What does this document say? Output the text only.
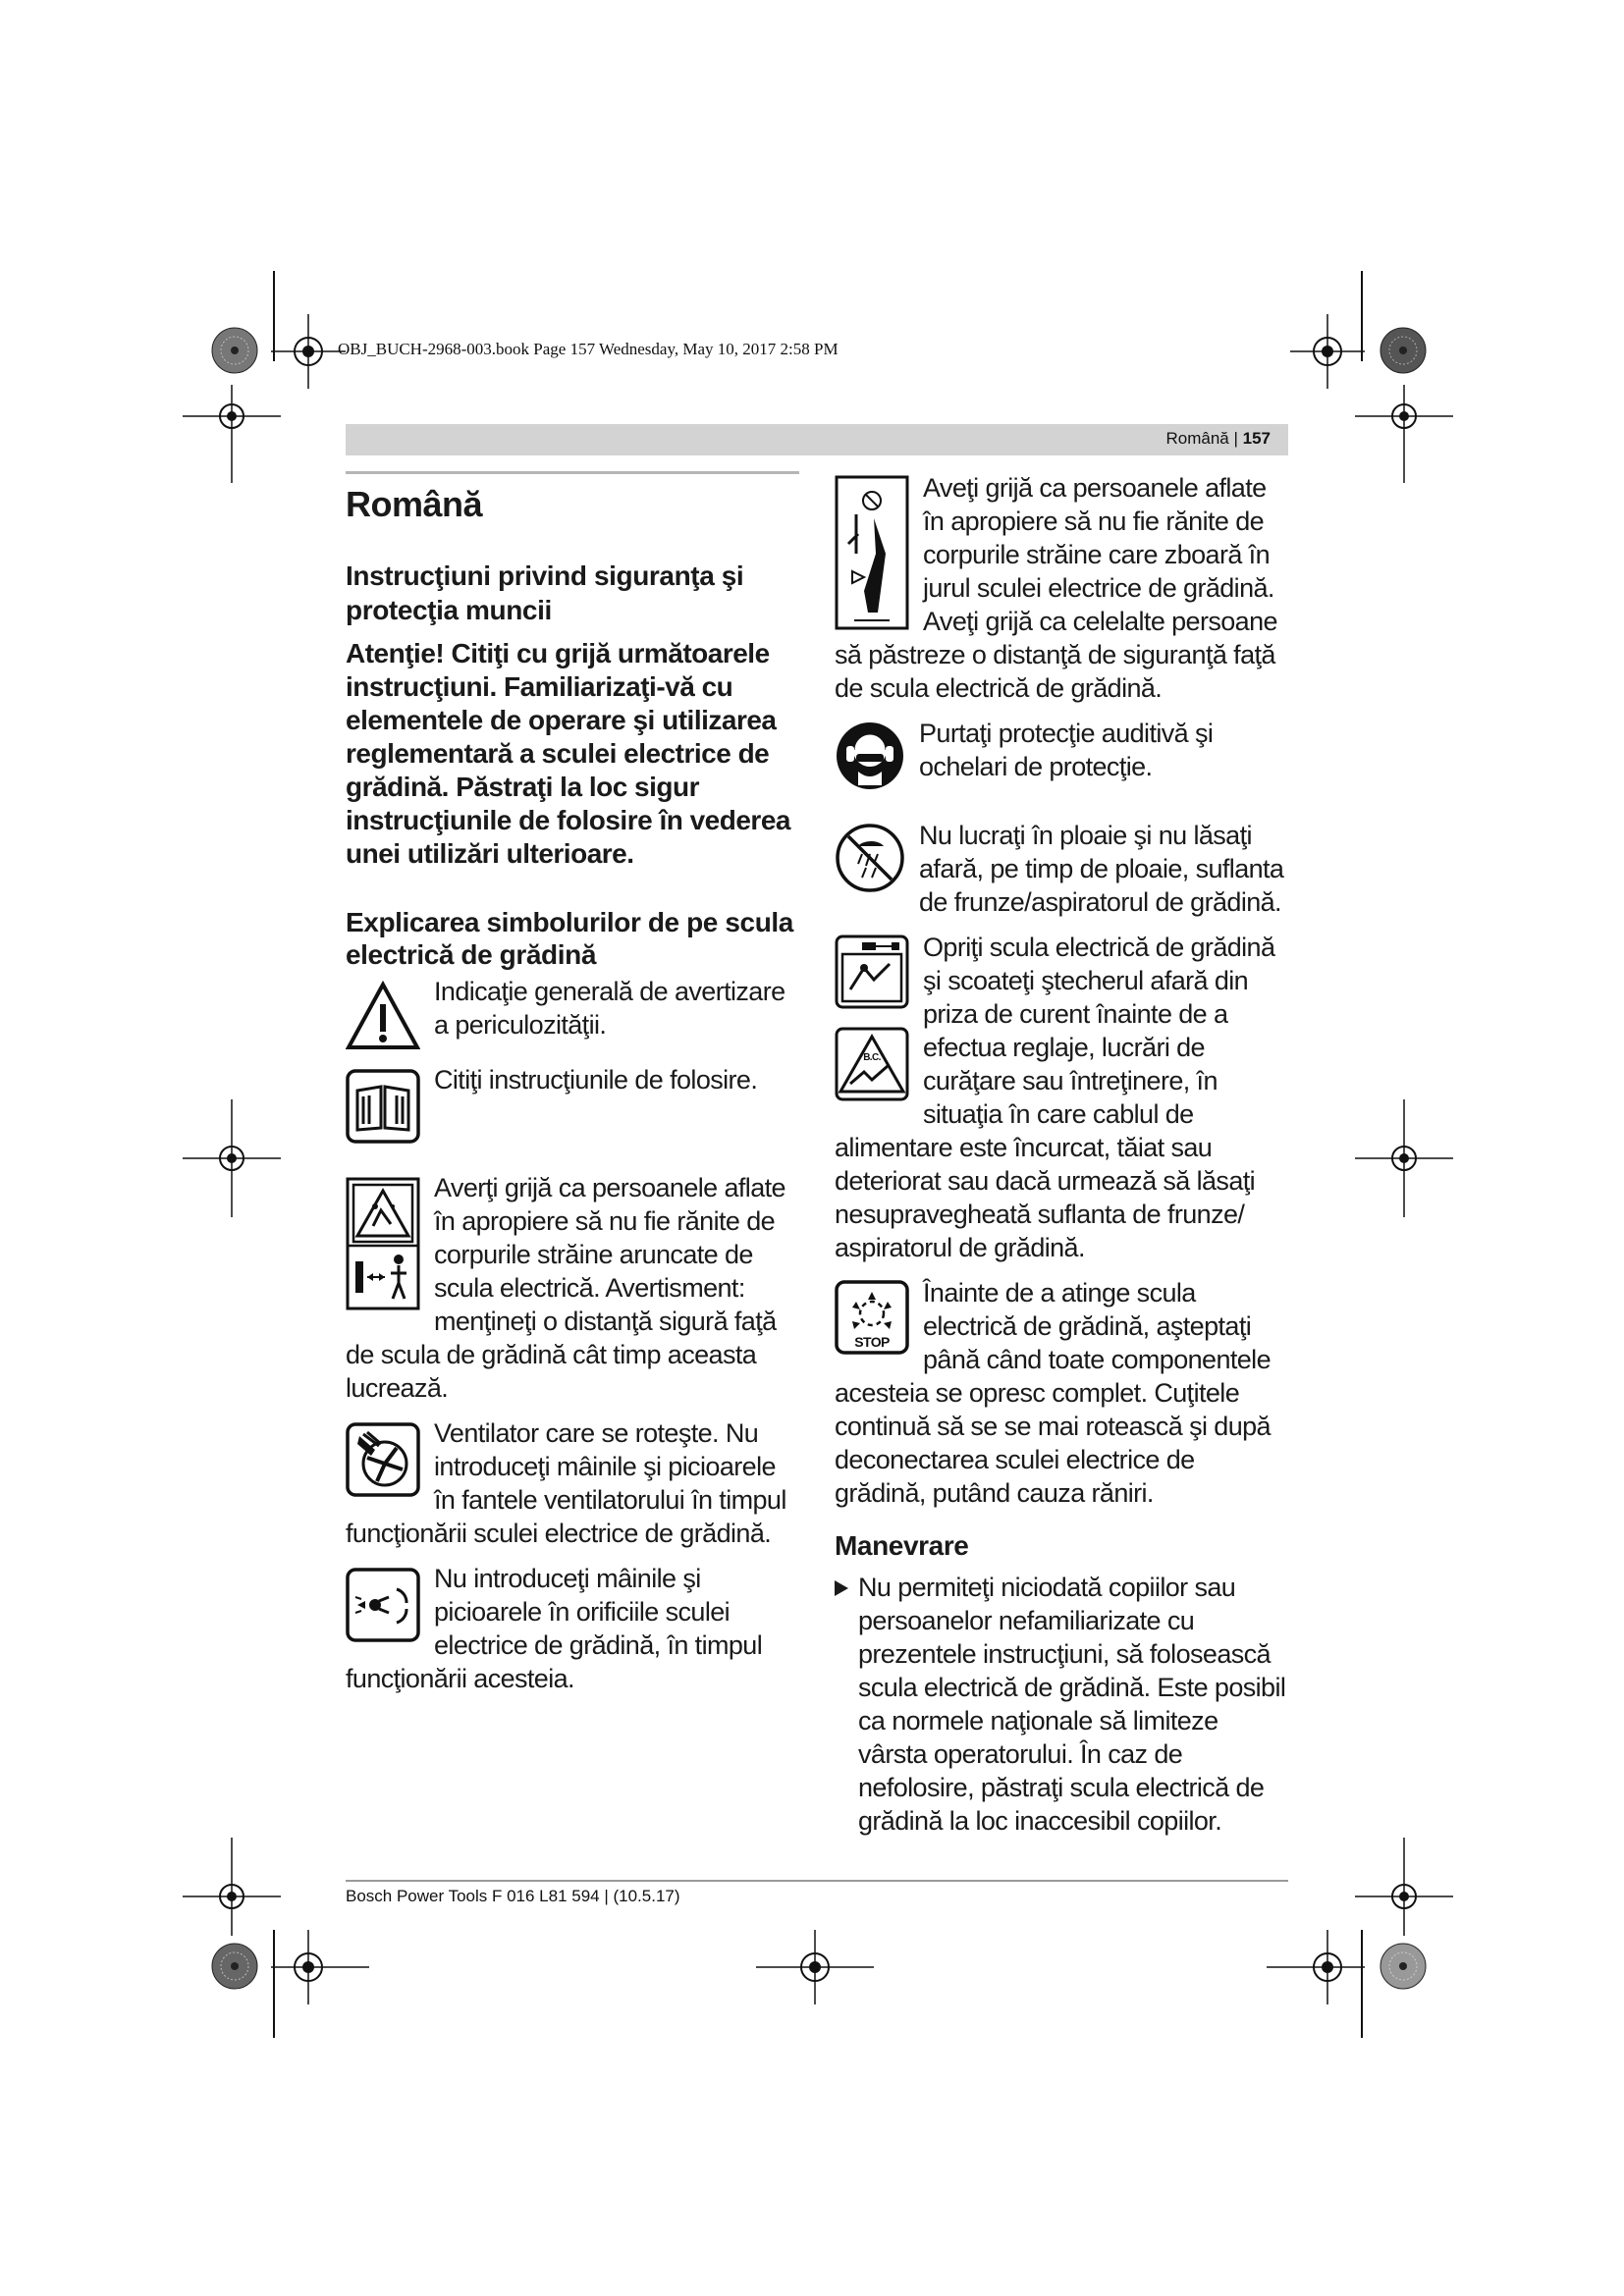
OBJ_BUCH-2968-003.book Page 157 Wednesday, May 10, 2017 2:58 PM
Română | 157
Română
Instrucţiuni privind siguranţa şi protecţia muncii

Atenţie! Citiţi cu grijă următoarele instrucţiuni. Familiarizaţi-vă cu elementele de operare şi utilizarea reglementară a sculei electrice de grădină. Păstraţi la loc sigur instrucţiunile de folosire în vederea unei utilizări ulterioare.

Explicarea simbolurilor de pe scula electrică de grădină
Indicaţie generală de avertizare a periculozităţii.
Citiţi instrucţiunile de folosire.
Averţi grijă ca persoanele aflate în apropiere să nu fie rănite de corpurile străine aruncate de scula electrică. Avertisment: menţineţi o distanţă sigură faţă de scula de grădină cât timp aceasta lucrează.
Ventilator care se roteşte. Nu introduceţi mâinile şi picioarele în fantele ventilatorului în timpul funcţionării sculei electrice de grădină.
Nu introduceţi mâinile şi picioarele în orificiile sculei electrice de grădină, în timpul funcţionării acesteia.
Aveţi grijă ca persoanele aflate în apropiere să nu fie rănite de corpurile străine care zboară în jurul sculei electrice de grădină. Aveţi grijă ca celelalte persoane să păstreze o distanţă de siguranţă faţă de scula electrică de grădină.
Purtaţi protecţie auditivă şi ochelari de protecţie.
Nu lucraţi în ploaie şi nu lăsaţi afară, pe timp de ploaie, suflanta de frunze/aspiratorul de grădină.
B.C.
Opriţi scula electrică de grădină şi scoateţi ştecherul afară din priza de curent înainte de a efectua reglaje, lucrări de curăţare sau întreţinere, în situaţia în care cablul de alimentare este încurcat, tăiat sau deteriorat sau dacă urmează să lăsaţi nesupravegheată suflanta de frunze/ aspiratorul de grădină.
STOP
Înainte de a atinge scula electrică de grădină, aşteptaţi până când toate componentele acesteia se opresc complet. Cuţitele continuă să se se mai rotească şi după deconectarea sculei electrice de grădină, putând cauza răniri.
Manevrare
Nu permiteţi niciodată copiilor sau persoanelor nefamiliarizate cu prezentele instrucţiuni, să folosească scula electrică de grădină. Este posibil ca normele naţionale să limiteze vârsta operatorului. În caz de nefolosire, păstraţi scula electrică de grădină la loc inaccesibil copiilor.
Bosch Power Tools F 016 L81 594 | (10.5.17)
